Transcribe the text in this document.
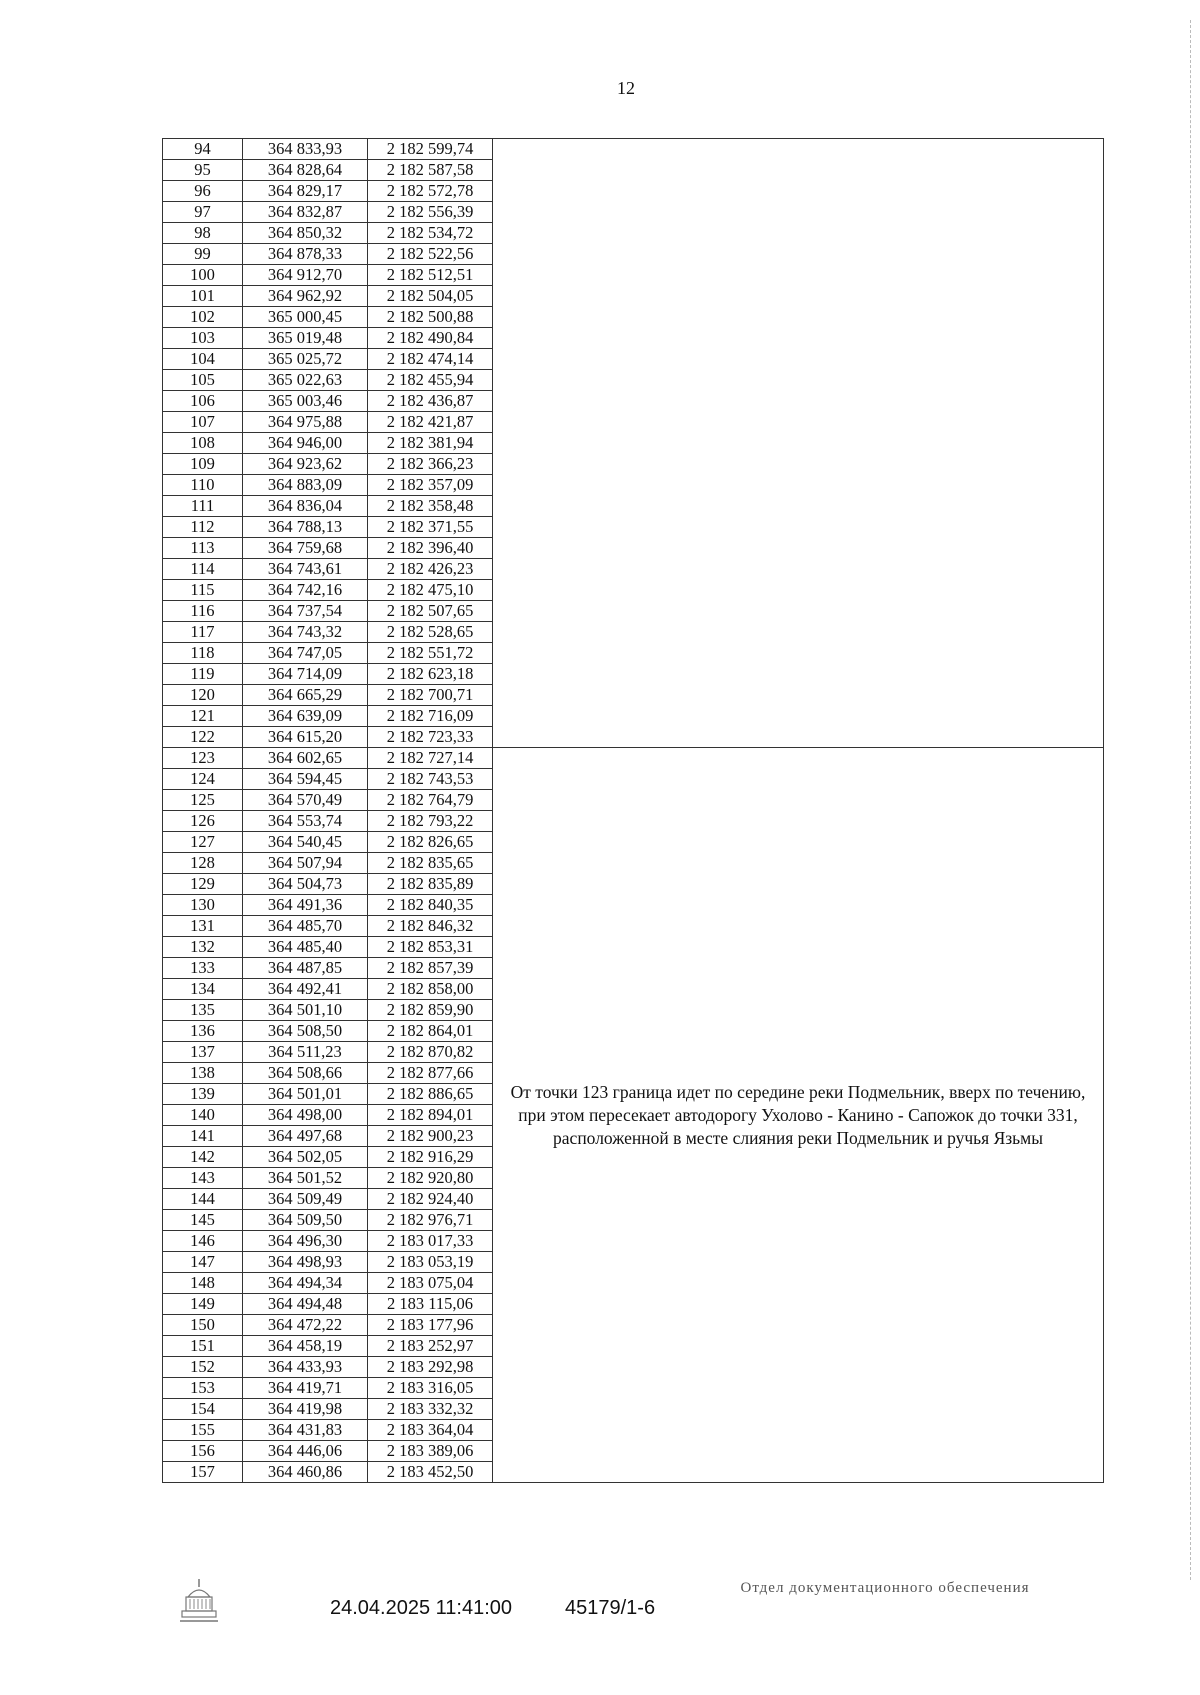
12
94	364 833,93	2 182 599,74	
95	364 828,64	2 182 587,58	
96	364 829,17	2 182 572,78	
97	364 832,87	2 182 556,39	
98	364 850,32	2 182 534,72	
99	364 878,33	2 182 522,56	
100	364 912,70	2 182 512,51	
101	364 962,92	2 182 504,05	
102	365 000,45	2 182 500,88	
103	365 019,48	2 182 490,84	
104	365 025,72	2 182 474,14	
105	365 022,63	2 182 455,94	
106	365 003,46	2 182 436,87	
107	364 975,88	2 182 421,87	
108	364 946,00	2 182 381,94	
109	364 923,62	2 182 366,23	
110	364 883,09	2 182 357,09	
111	364 836,04	2 182 358,48	
112	364 788,13	2 182 371,55	
113	364 759,68	2 182 396,40	
114	364 743,61	2 182 426,23	
115	364 742,16	2 182 475,10	
116	364 737,54	2 182 507,65	
117	364 743,32	2 182 528,65	
118	364 747,05	2 182 551,72	
119	364 714,09	2 182 623,18	
120	364 665,29	2 182 700,71	
121	364 639,09	2 182 716,09	
122	364 615,20	2 182 723,33	
123	364 602,65	2 182 727,14	От точки 123 граница идет по середине реки Подмельник, вверх по течению, при этом пересекает автодорогу Ухолово - Канино - Сапожок до точки 331, расположенной в месте слияния реки Подмельник и ручья Язьмы
124	364 594,45	2 182 743,53	
125	364 570,49	2 182 764,79	
126	364 553,74	2 182 793,22	
127	364 540,45	2 182 826,65	
128	364 507,94	2 182 835,65	
129	364 504,73	2 182 835,89	
130	364 491,36	2 182 840,35	
131	364 485,70	2 182 846,32	
132	364 485,40	2 182 853,31	
133	364 487,85	2 182 857,39	
134	364 492,41	2 182 858,00	
135	364 501,10	2 182 859,90	
136	364 508,50	2 182 864,01	
137	364 511,23	2 182 870,82	
138	364 508,66	2 182 877,66	
139	364 501,01	2 182 886,65	
140	364 498,00	2 182 894,01	
141	364 497,68	2 182 900,23	
142	364 502,05	2 182 916,29	
143	364 501,52	2 182 920,80	
144	364 509,49	2 182 924,40	
145	364 509,50	2 182 976,71	
146	364 496,30	2 183 017,33	
147	364 498,93	2 183 053,19	
148	364 494,34	2 183 075,04	
149	364 494,48	2 183 115,06	
150	364 472,22	2 183 177,96	
151	364 458,19	2 183 252,97	
152	364 433,93	2 183 292,98	
153	364 419,71	2 183 316,05	
154	364 419,98	2 183 332,32	
155	364 431,83	2 183 364,04	
156	364 446,06	2 183 389,06	
157	364 460,86	2 183 452,50	
24.04.2025 11:41:00	45179/1-6
Отдел документационного обеспечения
